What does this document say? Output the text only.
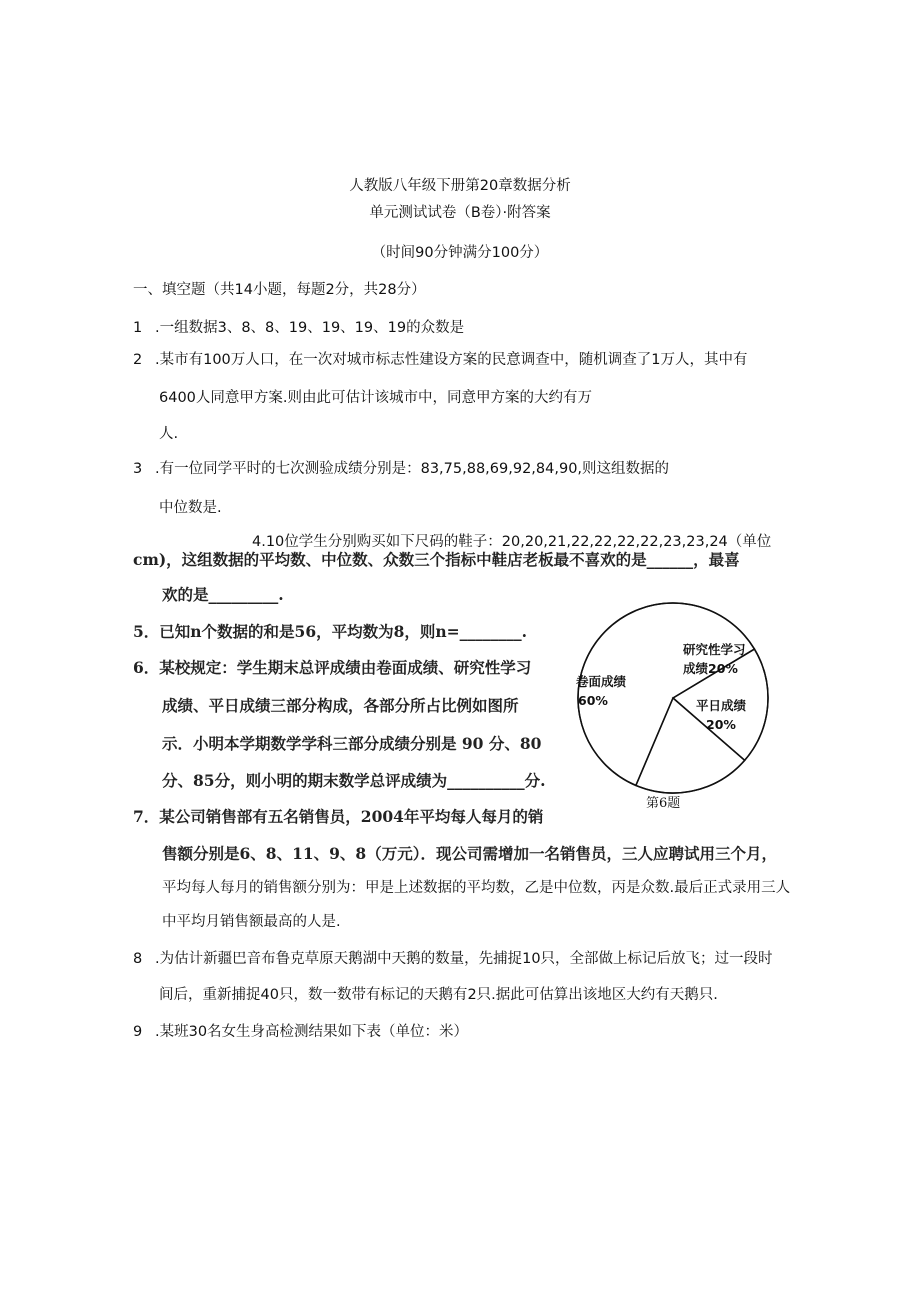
人教版八年级下册第20章数据分析
单元测试试卷（B卷）·附答案
（时间90分钟满分100分）
一、填空题（共14小题，每题2分，共28分）
1 .一组数据3、8、8、19、19、19、19的众数是
2 .某市有100万人口，在一次对城市标志性建设方案的民意调查中，随机调查了1万人，其中有
6400人同意甲方案.则由此可估计该城市中，同意甲方案的大约有万
人.
3 .有一位同学平时的七次测验成绩分别是：83,75,88,69,92,84,90,则这组数据的
中位数是.
4.10位学生分别购买如下尺码的鞋子：20,20,21,22,22,22,22,23,23,24（单位
cm)，这组数据的平均数、中位数、众数三个指标中鞋店老板最不喜欢的是______，最喜
欢的是_________.
5．已知n个数据的和是56，平均数为8，则n=________.
6．某校规定：学生期末总评成绩由卷面成绩、研究性学习
成绩、平日成绩三部分构成，各部分所占比例如图所
示．小明本学期数学学科三部分成绩分别是 90 分、80
分、85分，则小明的期末数学总评成绩为__________分.
卷面成绩
60%
研究性学习
成绩20%
平日成绩
20%
第6题
7．某公司销售部有五名销售员，2004年平均每人每月的销
售额分别是6、8、11、9、8（万元）．现公司需增加一名销售员，三人应聘试用三个月，
平均每人每月的销售额分别为：甲是上述数据的平均数，乙是中位数，丙是众数.最后正式录用三人
中平均月销售额最高的人是.
8 .为估计新疆巴音布鲁克草原天鹅湖中天鹅的数量，先捕捉10只，全部做上标记后放飞；过一段时
间后，重新捕捉40只，数一数带有标记的天鹅有2只.据此可估算出该地区大约有天鹅只.
9 .某班30名女生身高检测结果如下表（单位：米）
